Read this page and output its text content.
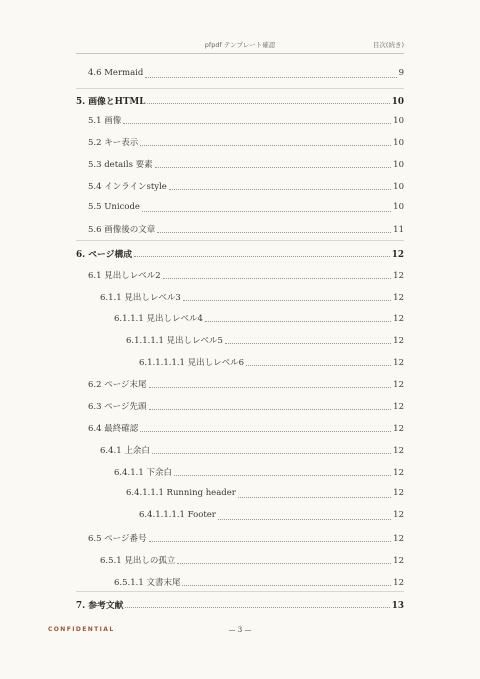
pfpdf テンプレート確認	目次(続き)
4.6 Mermaid	9
5. 画像とHTML	10
5.1 画像	10
5.2 キー表示	10
5.3 details 要素	10
5.4 インラインstyle	10
5.5 Unicode	10
5.6 画像後の文章	11
6. ページ構成	12
6.1 見出しレベル2	12
6.1.1 見出しレベル3	12
6.1.1.1 見出しレベル4	12
6.1.1.1.1 見出しレベル5	12
6.1.1.1.1.1 見出しレベル6	12
6.2 ページ末尾	12
6.3 ページ先頭	12
6.4 最終確認	12
6.4.1 上余白	12
6.4.1.1 下余白	12
6.4.1.1.1 Running header	12
6.4.1.1.1.1 Footer	12
6.5 ページ番号	12
6.5.1 見出しの孤立	12
6.5.1.1 文書末尾	12
7. 参考文献	13
CONFIDENTIAL	— 3 —
